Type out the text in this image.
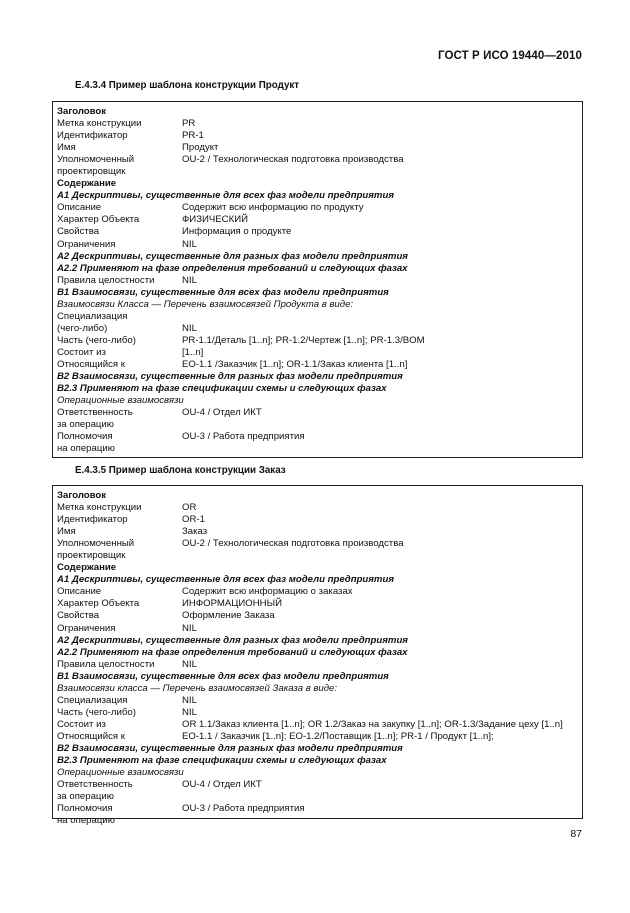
ГОСТ Р ИСО 19440—2010
E.4.3.4 Пример шаблона конструкции Продукт
Заголовок
Метка конструкции	PR
Идентификатор	PR-1
Имя	Продукт
Уполномоченный	OU-2 / Технологическая подготовка производства
проектировщик
Содержание
A1 Дескриптивы, существенные для всех фаз модели предприятия
Описание	Содержит всю информацию по продукту
Характер Объекта	ФИЗИЧЕСКИЙ
Свойства	Информация о продукте
Ограничения	NIL
A2 Дескриптивы, существенные для разных фаз модели предприятия
A2.2 Применяют на фазе определения требований и следующих фазах
Правила целостности	NIL
B1 Взаимосвязи, существенные для всех фаз модели предприятия
Взаимосвязи Класса — Перечень взаимосвязей Продукта в виде:
Специализация
(чего-либо)	NIL
Часть (чего-либо)	PR-1.1/Деталь [1..n]; PR-1.2/Чертеж [1..n]; PR-1.3/BOM
Состоит из	[1..n]
Относящийся к	EO-1.1 /Заказчик [1..n]; OR-1.1/Заказ клиента [1..n]
B2 Взаимосвязи, существенные для разных фаз модели предприятия
B2.3 Применяют на фазе спецификации схемы и следующих фазах
Операционные взаимосвязи
Ответственность	OU-4 / Отдел ИКТ
за операцию
Полномочия	OU-3 / Работа предприятия
на операцию
E.4.3.5 Пример шаблона конструкции Заказ
Заголовок
Метка конструкции	OR
Идентификатор	OR-1
Имя	Заказ
Уполномоченный	OU-2 / Технологическая подготовка производства
проектировщик
Содержание
A1 Дескриптивы, существенные для всех фаз модели предприятия
Описание	Содержит всю информацию о заказах
Характер Объекта	ИНФОРМАЦИОННЫЙ
Свойства	Оформление Заказа
Ограничения	NIL
A2 Дескриптивы, существенные для разных фаз модели предприятия
A2.2 Применяют на фазе определения требований и следующих фазах
Правила целостности	NIL
B1 Взаимосвязи, существенные для всех фаз модели предприятия
Взаимосвязи класса — Перечень взаимосвязей Заказа в виде:
Специализация	NIL
Часть (чего-либо)	NIL
Состоит из	OR 1.1/Заказ клиента [1..n]; OR 1.2/Заказ на закупку [1..n]; OR-1.3/Задание цеху [1..n]
Относящийся к	EO-1.1 / Заказчик [1..n]; EO-1.2/Поставщик [1..n]; PR-1 / Продукт [1..n];
B2 Взаимосвязи, существенные для разных фаз модели предприятия
B2.3 Применяют на фазе спецификации схемы и следующих фазах
Операционные взаимосвязи
Ответственность	OU-4 / Отдел ИКТ
за операцию
Полномочия	OU-3 / Работа предприятия
на операцию
87
